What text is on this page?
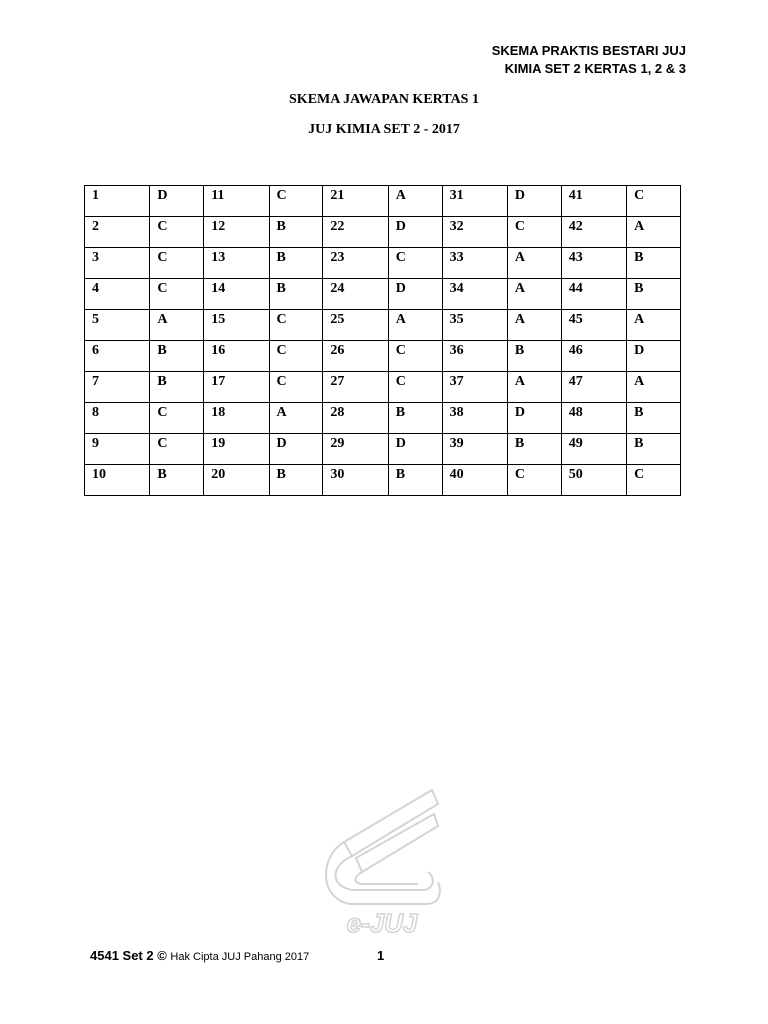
SKEMA PRAKTIS BESTARI JUJ
KIMIA SET 2 KERTAS 1, 2 & 3
SKEMA JAWAPAN KERTAS 1
JUJ KIMIA SET 2 - 2017
1	D	11	C	21	A	31	D	41	C
2	C	12	B	22	D	32	C	42	A
3	C	13	B	23	C	33	A	43	B
4	C	14	B	24	D	34	A	44	B
5	A	15	C	25	A	35	A	45	A
6	B	16	C	26	C	36	B	46	D
7	B	17	C	27	C	37	A	47	A
8	C	18	A	28	B	38	D	48	B
9	C	19	D	29	D	39	B	49	B
10	B	20	B	30	B	40	C	50	C
e-JUJ
4541 Set 2 © Hak Cipta JUJ Pahang 2017	1
